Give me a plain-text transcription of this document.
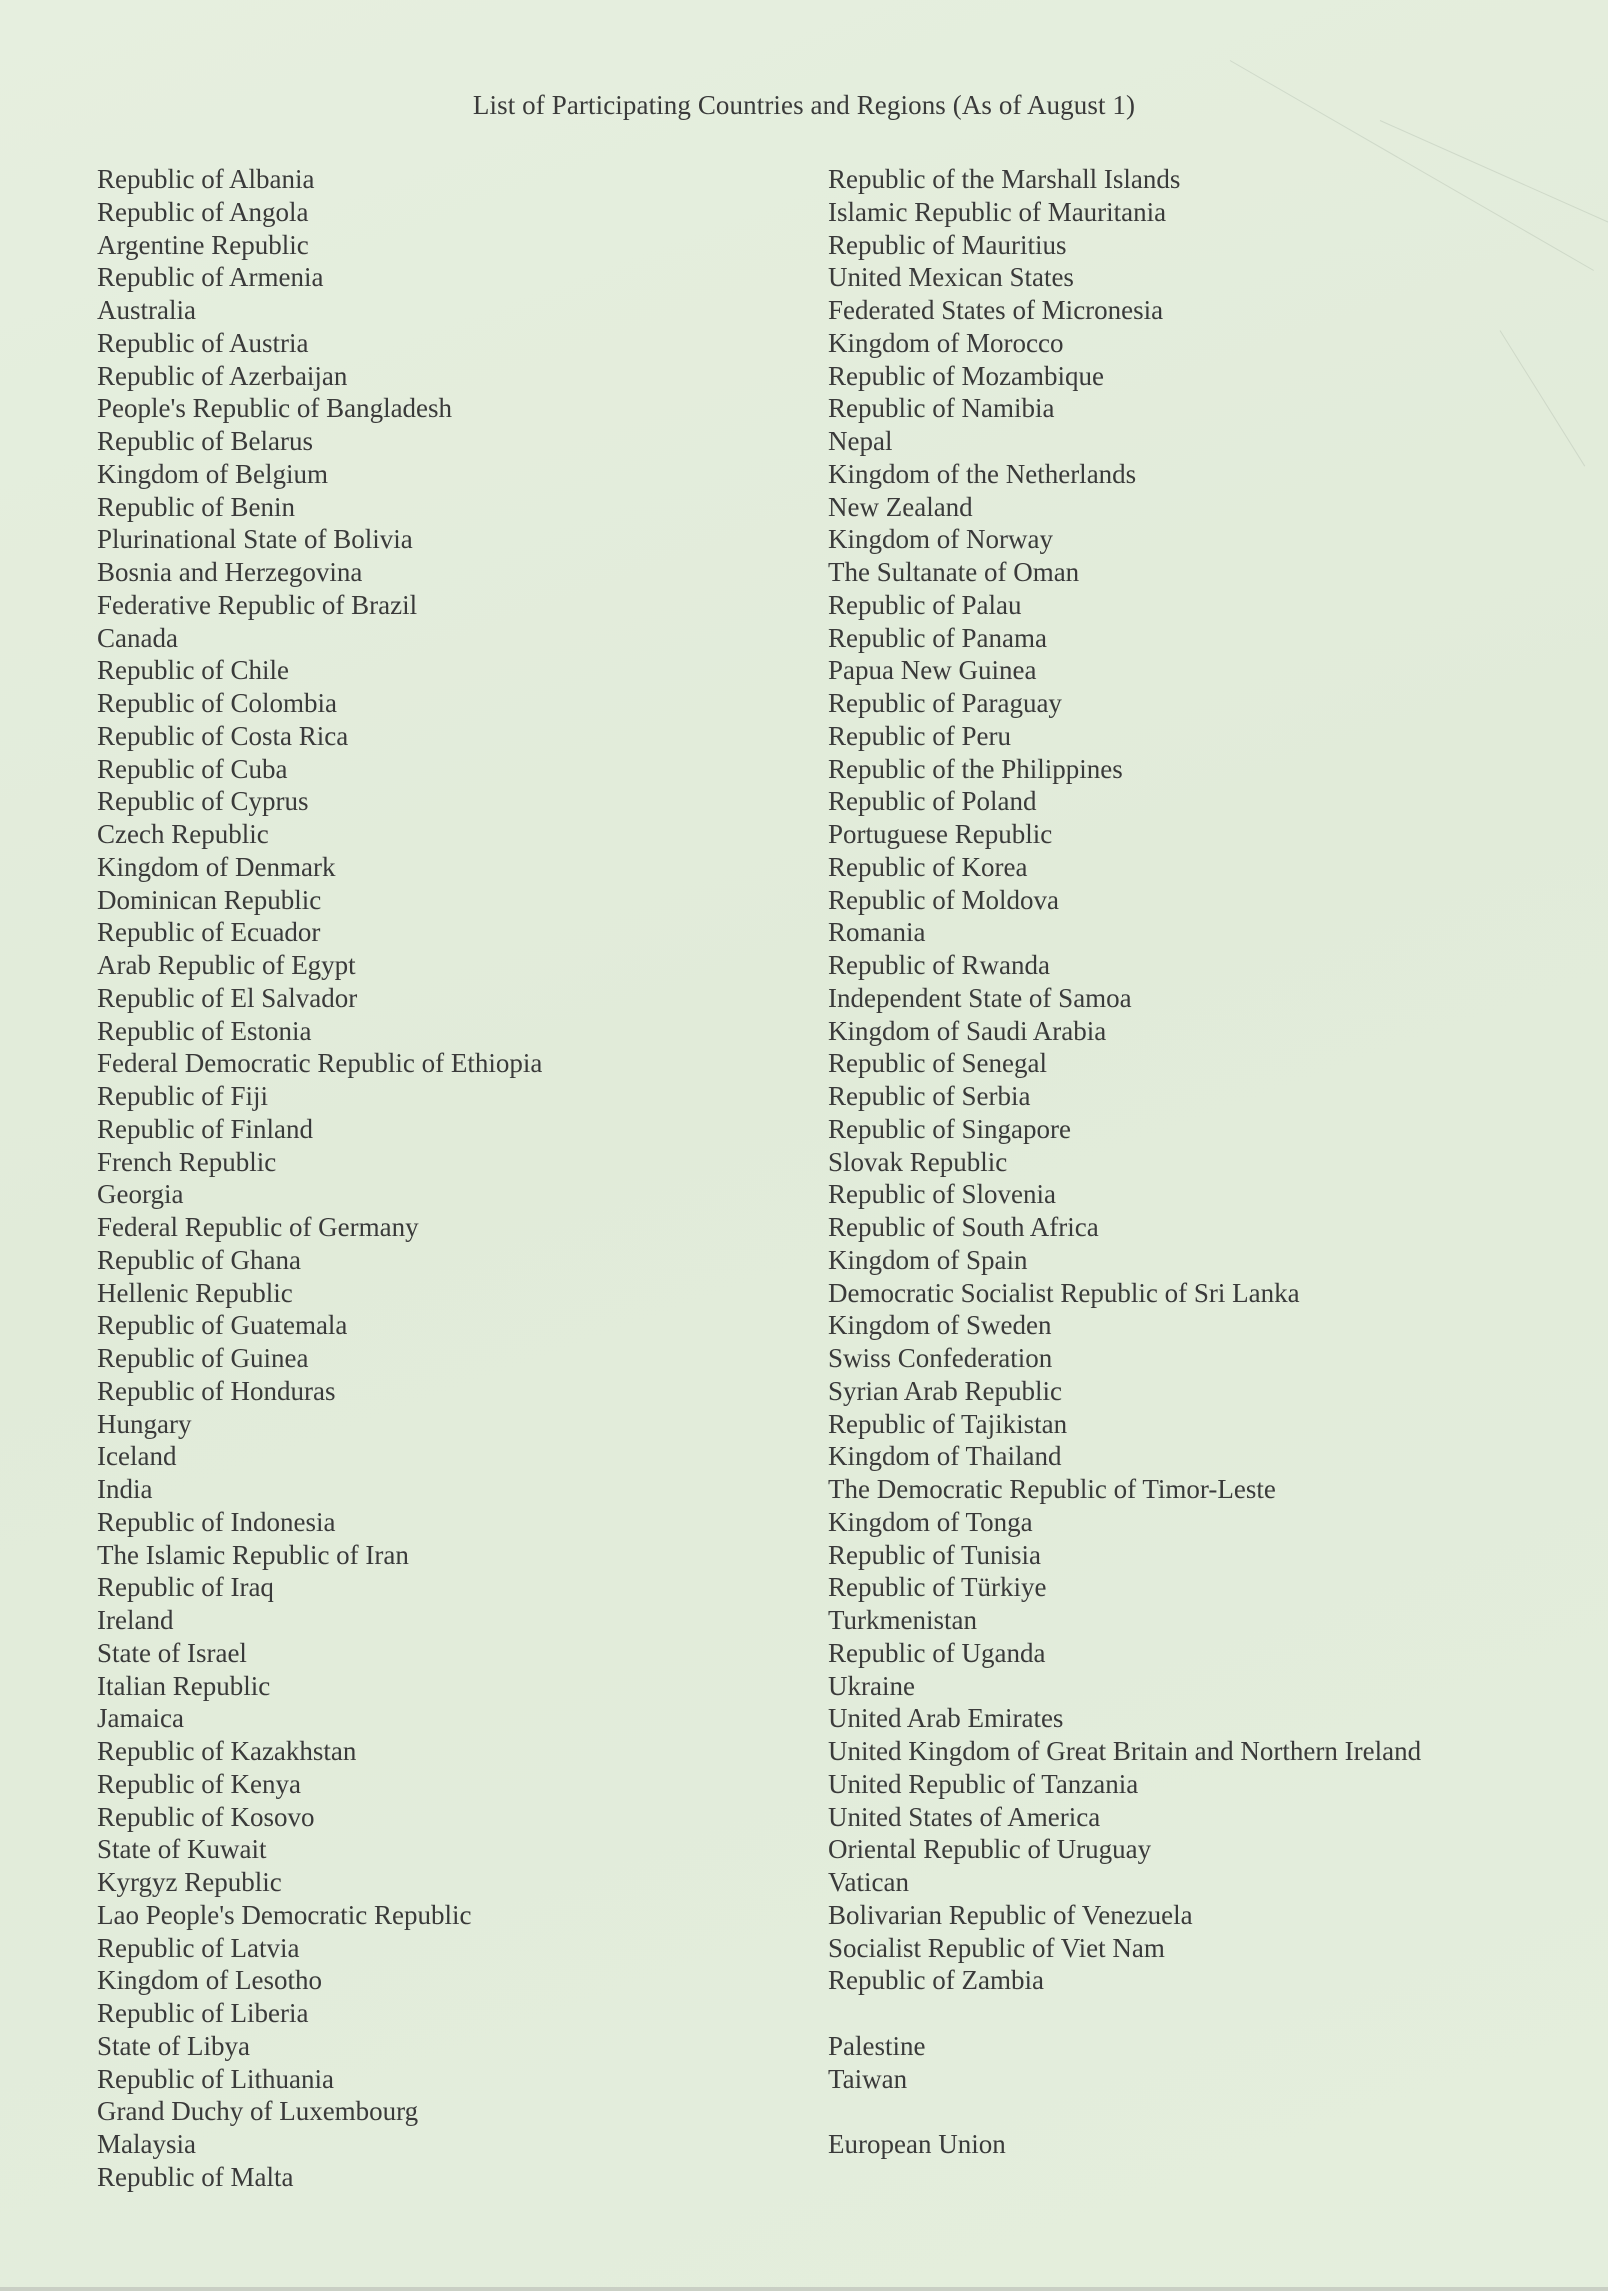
List of Participating Countries and Regions (As of August 1)
Republic of Albania
Republic of Angola
Argentine Republic
Republic of Armenia
Australia
Republic of Austria
Republic of Azerbaijan
People's Republic of Bangladesh
Republic of Belarus
Kingdom of Belgium
Republic of Benin
Plurinational State of Bolivia
Bosnia and Herzegovina
Federative Republic of Brazil
Canada
Republic of Chile
Republic of Colombia
Republic of Costa Rica
Republic of Cuba
Republic of Cyprus
Czech Republic
Kingdom of Denmark
Dominican Republic
Republic of Ecuador
Arab Republic of Egypt
Republic of El Salvador
Republic of Estonia
Federal Democratic Republic of Ethiopia
Republic of Fiji
Republic of Finland
French Republic
Georgia
Federal Republic of Germany
Republic of Ghana
Hellenic Republic
Republic of Guatemala
Republic of Guinea
Republic of Honduras
Hungary
Iceland
India
Republic of Indonesia
The Islamic Republic of Iran
Republic of Iraq
Ireland
State of Israel
Italian Republic
Jamaica
Republic of Kazakhstan
Republic of Kenya
Republic of Kosovo
State of Kuwait
Kyrgyz Republic
Lao People's Democratic Republic
Republic of Latvia
Kingdom of Lesotho
Republic of Liberia
State of Libya
Republic of Lithuania
Grand Duchy of Luxembourg
Malaysia
Republic of Malta
Republic of the Marshall Islands
Islamic Republic of Mauritania
Republic of Mauritius
United Mexican States
Federated States of Micronesia
Kingdom of Morocco
Republic of Mozambique
Republic of Namibia
Nepal
Kingdom of the Netherlands
New Zealand
Kingdom of Norway
The Sultanate of Oman
Republic of Palau
Republic of Panama
Papua New Guinea
Republic of Paraguay
Republic of Peru
Republic of the Philippines
Republic of Poland
Portuguese Republic
Republic of Korea
Republic of Moldova
Romania
Republic of Rwanda
Independent State of Samoa
Kingdom of Saudi Arabia
Republic of Senegal
Republic of Serbia
Republic of Singapore
Slovak Republic
Republic of Slovenia
Republic of South Africa
Kingdom of Spain
Democratic Socialist Republic of Sri Lanka
Kingdom of Sweden
Swiss Confederation
Syrian Arab Republic
Republic of Tajikistan
Kingdom of Thailand
The Democratic Republic of Timor-Leste
Kingdom of Tonga
Republic of Tunisia
Republic of Türkiye
Turkmenistan
Republic of Uganda
Ukraine
United Arab Emirates
United Kingdom of Great Britain and Northern Ireland
United Republic of Tanzania
United States of America
Oriental Republic of Uruguay
Vatican
Bolivarian Republic of Venezuela
Socialist Republic of Viet Nam
Republic of Zambia
Palestine
Taiwan
European Union
